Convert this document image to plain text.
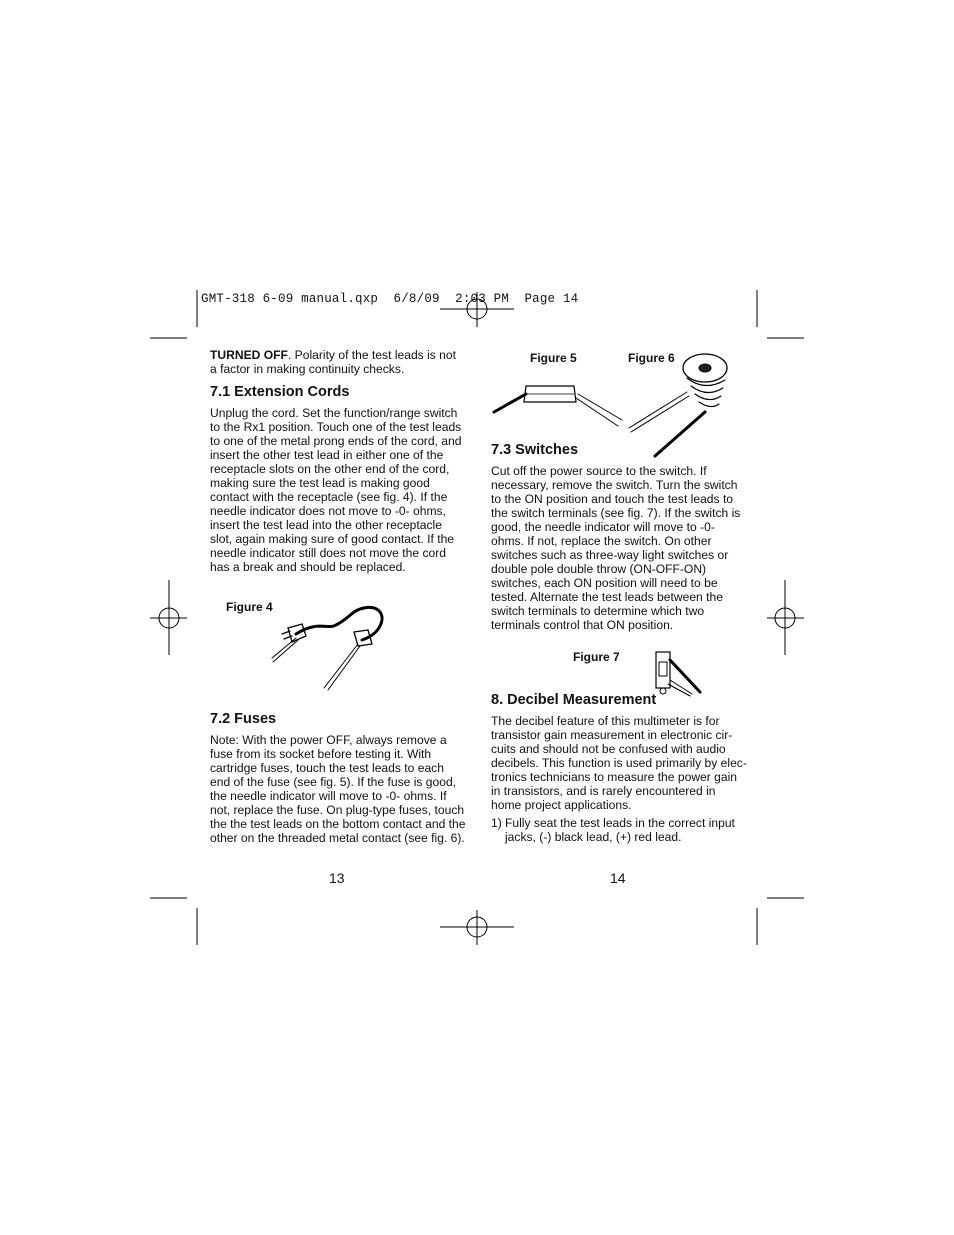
GMT-318 6-09 manual.qxp  6/8/09  2:03 PM  Page 14

TURNED OFF. Polarity of the test leads is not a factor in making continuity checks.

7.1 Extension Cords

Unplug the cord. Set the function/range switch to the Rx1 position. Touch one of the test leads to one of the metal prong ends of the cord, and insert the other test lead in either one of the receptacle slots on the other end of the cord, making sure the test lead is making good contact with the receptacle (see fig. 4). If the needle indicator does not move to -0- ohms, insert the test lead into the other receptacle slot, again making sure of good contact. If the needle indicator still does not move the cord has a break and should be replaced.

Figure 4
7.2 Fuses

Note: With the power OFF, always remove a fuse from its socket before testing it. With cartridge fuses, touch the test leads to each end of the fuse (see fig. 5). If the fuse is good, the needle indicator will move to -0- ohms. If not, replace the fuse. On plug-type fuses, touch the the test leads on the bottom contact and the other on the threaded metal contact (see fig. 6).

13
Figure 5	Figure 6
7.3 Switches

Cut off the power source to the switch. If necessary, remove the switch. Turn the switch to the ON position and touch the test leads to the switch terminals (see fig. 7). If the switch is good, the needle indicator will move to -0- ohms. If not, replace the switch. On other switches such as three-way light switches or double pole double throw (ON-OFF-ON) switches, each ON position will need to be tested. Alternate the test leads between the switch terminals to determine which two terminals control that ON position.

Figure 7
8. Decibel Measurement

The decibel feature of this multimeter is for transistor gain measurement in electronic cir-cuits and should not be confused with audio decibels. This function is used primarily by elec-tronics technicians to measure the power gain in transistors, and is rarely encountered in home project applications.

1) Fully seat the test leads in the correct input jacks, (-) black lead, (+) red lead.

14
